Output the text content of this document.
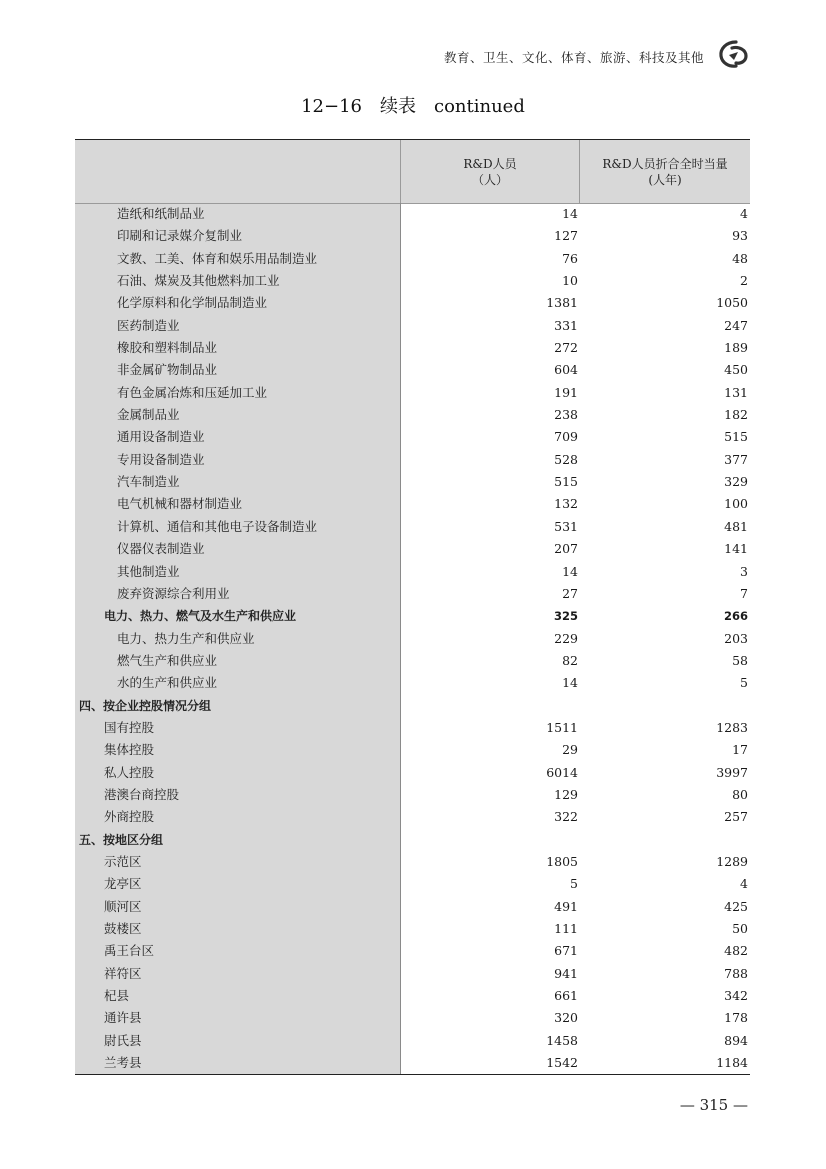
教育、卫生、文化、体育、旅游、科技及其他
12−16 续表 continued
R&D人员
（人）
R&D人员折合全时当量
(人年)
造纸和纸制品业	14	4
印刷和记录媒介复制业	127	93
文教、工美、体育和娱乐用品制造业	76	48
石油、煤炭及其他燃料加工业	10	2
化学原料和化学制品制造业	1381	1050
医药制造业	331	247
橡胶和塑料制品业	272	189
非金属矿物制品业	604	450
有色金属冶炼和压延加工业	191	131
金属制品业	238	182
通用设备制造业	709	515
专用设备制造业	528	377
汽车制造业	515	329
电气机械和器材制造业	132	100
计算机、通信和其他电子设备制造业	531	481
仪器仪表制造业	207	141
其他制造业	14	3
废弃资源综合利用业	27	7
电力、热力、燃气及水生产和供应业	325	266
电力、热力生产和供应业	229	203
燃气生产和供应业	82	58
水的生产和供应业	14	5
四、按企业控股情况分组
国有控股	1511	1283
集体控股	29	17
私人控股	6014	3997
港澳台商控股	129	80
外商控股	322	257
五、按地区分组
示范区	1805	1289
龙亭区	5	4
顺河区	491	425
鼓楼区	111	50
禹王台区	671	482
祥符区	941	788
杞县	661	342
通许县	320	178
尉氏县	1458	894
兰考县	1542	1184
— 315 —
